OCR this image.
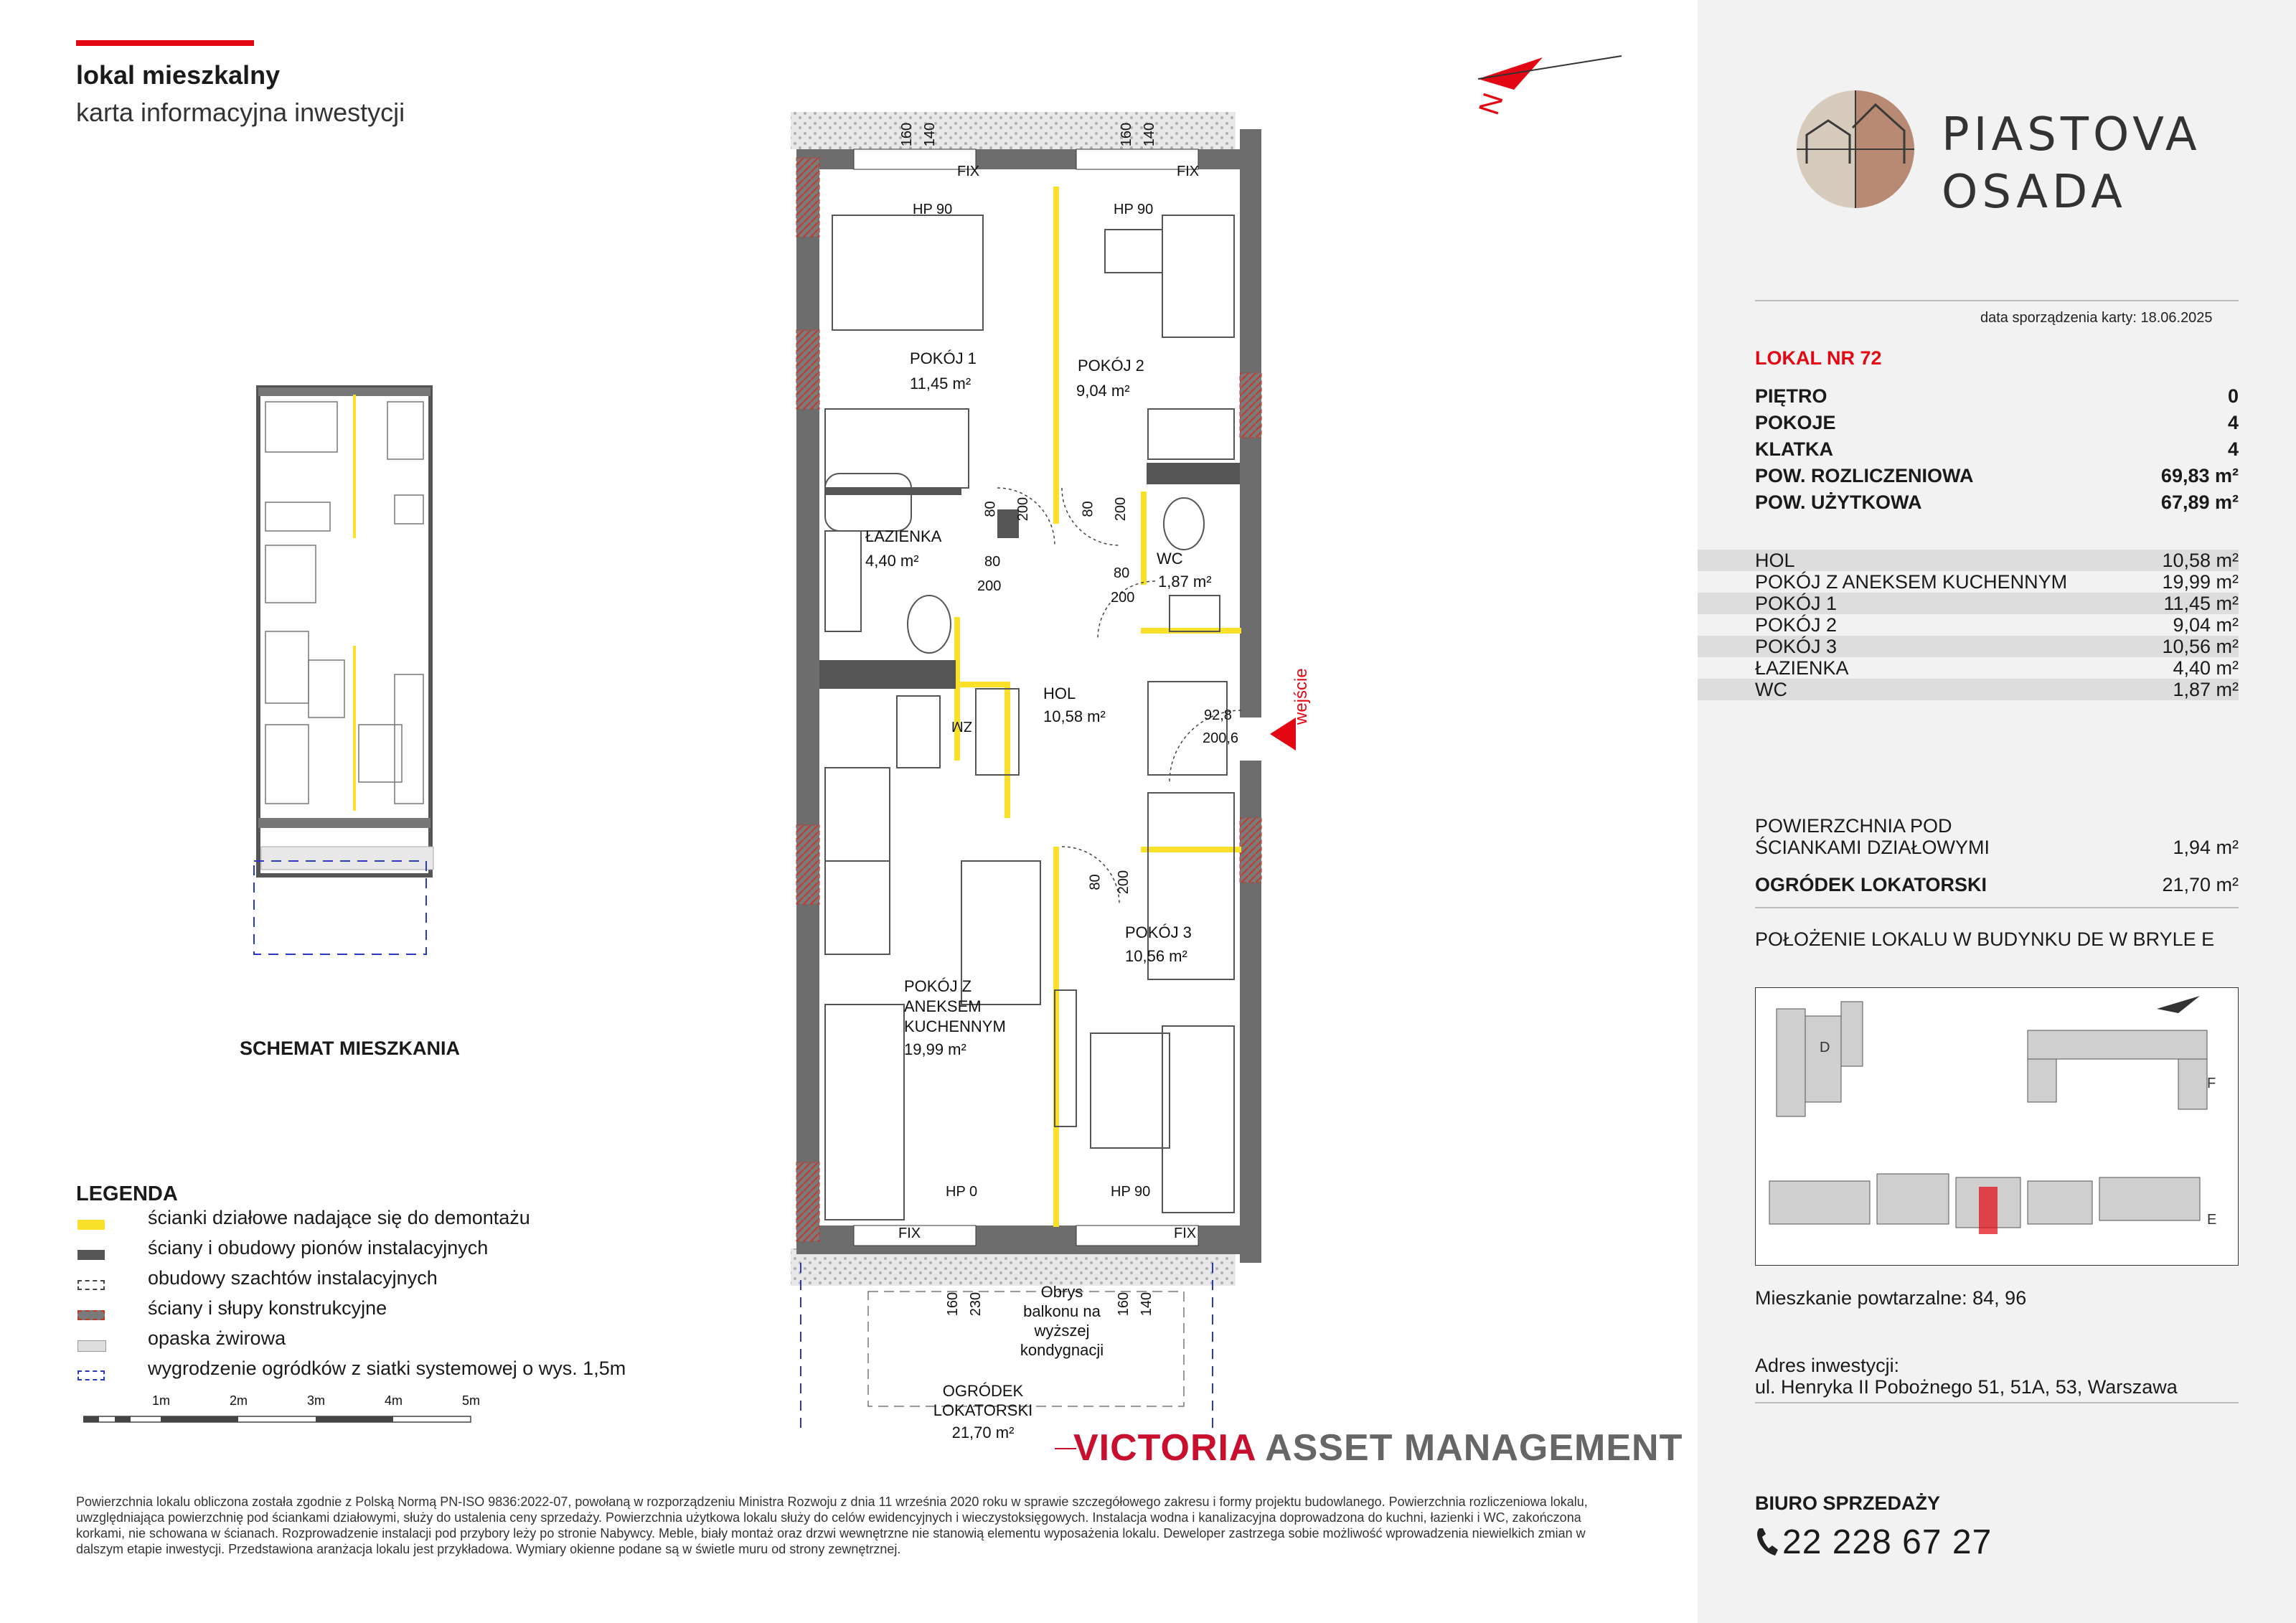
lokal mieszkalny
karta informacyjna inwestycji	N
wejście
POKÓJ 1
11,45 m²
POKÓJ 2
9,04 m²
ŁAZIENKA
4,40 m²	WC
1,87 m²
HOL
10,58 m²
POKÓJ 3
10,56 m²
POKÓJ Z
ANEKSEM
KUCHENNYM
19,99 m²
HP 90	HP 90
HP 0	HP 90
FIX	FIX
FIX	FIX
160 140	160 140
80 200	80 200
80
200
80
200
92,8
200,6
80 200
160 230	160 140
ZM
Obrys
balkonu na
wyższej
kondygnacji
OGRÓDEK
LOKATORSKI
21,70 m²
SCHEMAT MIESZKANIA
LEGENDA
ścianki działowe nadające się do demontażu
ściany i obudowy pionów instalacyjnych
obudowy szachtów instalacyjnych
ściany i słupy konstrukcyjne
opaska żwirowa
wygrodzenie ogródków z siatki systemowej o wys. 1,5m
1m	2m	3m	4m	5m
VICTORIA ASSET MANAGEMENT
Powierzchnia lokalu obliczona została zgodnie z Polską Normą PN-ISO 9836:2022-07, powołaną w rozporządzeniu Ministra Rozwoju z dnia 11 września 2020 roku w sprawie szczegółowego zakresu i formy projektu budowlanego. Powierzchnia rozliczeniowa lokalu, uwzględniająca powierzchnię pod ściankami działowymi, służy do ustalenia ceny sprzedaży. Powierzchnia użytkowa lokalu służy do celów ewidencyjnych i wieczystoksięgowych. Instalacja wodna i kanalizacyjna doprowadzona do kuchni, łazienki i WC, zakończona korkami, nie schowana w ścianach. Rozprowadzenie instalacji pod przybory leży po stronie Nabywcy. Meble, biały montaż oraz drzwi wewnętrzne nie stanowią elementu wyposażenia lokalu. Deweloper zastrzega sobie możliwość wprowadzenia niewielkich zmian w dalszym etapie inwestycji. Przedstawiona aranżacja lokalu jest przykładowa. Wymiary okienne podane są w świetle muru od strony zewnętrznej.
PIASTOVA
OSADA
data sporządzenia karty: 18.06.2025
LOKAL NR 72
PIĘTRO	0
POKOJE	4
KLATKA	4
POW. ROZLICZENIOWA	69,83 m²
POW. UŻYTKOWA	67,89 m²
HOL	10,58 m²
POKÓJ Z ANEKSEM KUCHENNYM	19,99 m²
POKÓJ 1	11,45 m²
POKÓJ 2	9,04 m²
POKÓJ 3	10,56 m²
ŁAZIENKA	4,40 m²
WC	1,87 m²
POWIERZCHNIA POD
ŚCIANKAMI DZIAŁOWYMI	1,94 m²
OGRÓDEK LOKATORSKI	21,70 m²
POŁOŻENIE LOKALU W BUDYNKU DE W BRYLE E
D
F
E
Mieszkanie powtarzalne: 84, 96
Adres inwestycji:
ul. Henryka II Pobożnego 51, 51A, 53, Warszawa
BIURO SPRZEDAŻY
22 228 67 27
